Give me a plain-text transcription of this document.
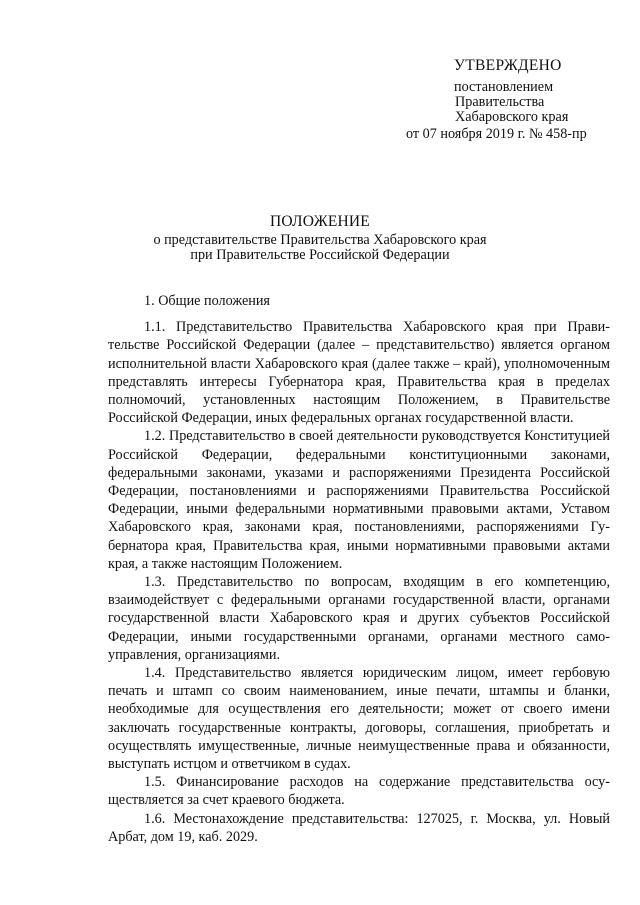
УТВЕРЖДЕНО
постановлением
Правительства
Хабаровского края
от 07 ноября 2019 г. № 458-пр
ПОЛОЖЕНИЕ
о представительстве Правительства Хабаровского края
при Правительстве Российской Федерации
1. Общие положения

1.1. Представительство Правительства Хабаровского края при Правительстве Российской Федерации (далее – представительство) является органом исполнительной власти Хабаровского края (далее также – край), уполномоченным представлять интересы Губернатора края, Правительства края в пределах полномочий, установленных настоящим Положением, в Правительстве Российской Федерации, иных федеральных органах государственной власти.

1.2. Представительство в своей деятельности руководствуется Конституцией Российской Федерации, федеральными конституционными законами, федеральными законами, указами и распоряжениями Президента Российской Федерации, постановлениями и распоряжениями Правительства Российской Федерации, иными федеральными нормативными правовыми актами, Уставом Хабаровского края, законами края, постановлениями, распоряжениями Губернатора края, Правительства края, иными нормативными правовыми актами края, а также настоящим Положением.

1.3. Представительство по вопросам, входящим в его компетенцию, взаимодействует с федеральными органами государственной власти, органами государственной власти Хабаровского края и других субъектов Российской Федерации, иными государственными органами, органами местного самоуправления, организациями.

1.4. Представительство является юридическим лицом, имеет гербовую печать и штамп со своим наименованием, иные печати, штампы и бланки, необходимые для осуществления его деятельности; может от своего имени заключать государственные контракты, договоры, соглашения, приобретать и осуществлять имущественные, личные неимущественные права и обязанности, выступать истцом и ответчиком в судах.

1.5. Финансирование расходов на содержание представительства осуществляется за счет краевого бюджета.

1.6. Местонахождение представительства: 127025, г. Москва, ул. Новый Арбат, дом 19, каб. 2029.
